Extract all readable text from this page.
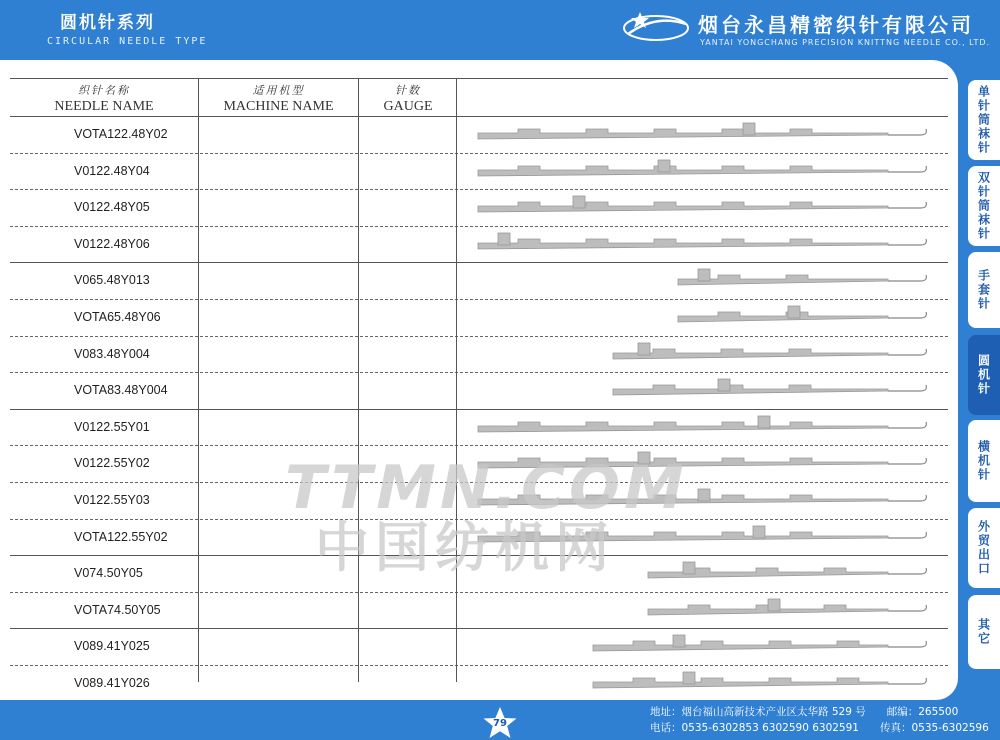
圆机针系列
CIRCULAR NEEDLE TYPE
烟台永昌精密织针有限公司
YANTAI YONGCHANG PRECISION KNITTNG NEEDLE CO., LTD.
织针名称
NEEDLE NAME
适用机型
MACHINE NAME
针数
GAUGE
VOTA122.48Y02
V0122.48Y04
V0122.48Y05
V0122.48Y06
V065.48Y013
VOTA65.48Y06
V083.48Y004
VOTA83.48Y004
V0122.55Y01
V0122.55Y02
V0122.55Y03
VOTA122.55Y02
V074.50Y05
VOTA74.50Y05
V089.41Y025
V089.41Y026
TTMN.COM
中国纺机网
单针筒袜针
双针筒袜针
手套针
圆机针
横机针
外贸出口
其它
79
地址：烟台福山高新技术产业区太华路 529 号　　邮编：265500
电话：0535-6302853 6302590 6302591　　传真：0535-6302596
